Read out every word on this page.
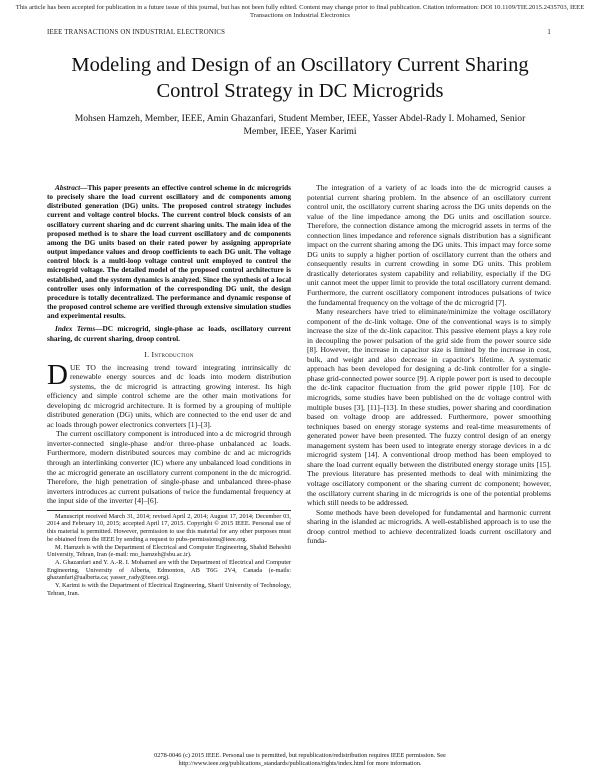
This article has been accepted for publication in a future issue of this journal, but has not been fully edited. Content may change prior to final publication. Citation information: DOI 10.1109/TIE.2015.2435703, IEEE Transactions on Industrial Electronics
IEEE TRANSACTIONS ON INDUSTRIAL ELECTRONICS	1
Modeling and Design of an Oscillatory Current Sharing Control Strategy in DC Microgrids
Mohsen Hamzeh, Member, IEEE, Amin Ghazanfari, Student Member, IEEE, Yasser Abdel-Rady I. Mohamed, Senior Member, IEEE, Yaser Karimi

Abstract—This paper presents an effective control scheme in dc microgrids to precisely share the load current oscillatory and dc components among distributed generation (DG) units. The proposed control strategy includes current and voltage control blocks. The current control block consists of an oscillatory current sharing and dc current sharing units. The main idea of the proposed method is to share the load current oscillatory and dc components among the DG units based on their rated power by assigning appropriate output impedance values and droop coefficients to each DG unit. The voltage control block is a multi-loop voltage control unit employed to control the microgrid voltage. The detailed model of the proposed control architecture is established, and the system dynamics is analyzed. Since the synthesis of a local controller uses only information of the corresponding DG unit, the design procedure is totally decentralized. The performance and dynamic response of the proposed control scheme are verified through extensive simulation studies and experimental results.

Index Terms—DC microgrid, single-phase ac loads, oscillatory current sharing, dc current sharing, droop control.

I. Introduction

DUE TO the increasing trend toward integrating intrinsically dc renewable energy sources and dc loads into modern distribution systems, the dc microgrid is attracting growing interest. Its high efficiency and simple control scheme are the other main motivations for developing dc microgrid architecture. It is formed by a grouping of multiple distributed generation (DG) units, which are connected to the end user dc and ac loads through power electronics converters [1]–[3].

The current oscillatory component is introduced into a dc microgrid through inverter-connected single-phase and/or three-phase unbalanced ac loads. Furthermore, modern distributed sources may combine dc and ac microgrids through an interlinking converter (IC) where any unbalanced load conditions in the ac microgrid generate an oscillatory current component in the dc microgrid. Therefore, the high penetration of single-phase and unbalanced three-phase inverters introduces ac current pulsations of twice the fundamental frequency at the input side of the inverter [4]–[6].

Manuscript received March 31, 2014; revised April 2, 2014; August 17, 2014; December 03, 2014 and February 10, 2015; accepted April 17, 2015. Copyright © 2015 IEEE. Personal use of this material is permitted. However, permission to use this material for any other purposes must be obtained from the IEEE by sending a request to pubs-permissions@ieee.org.

M. Hamzeh is with the Department of Electrical and Computer Engineering, Shahid Beheshti University, Tehran, Iran (e-mail: mo_hamzeh@sbu.ac.ir).

A. Ghazanfari and Y. A.-R. I. Mohamed are with the Department of Electrical and Computer Engineering, University of Alberta, Edmonton, AB T6G 2V4, Canada (e-mails: ghazanfari@ualberta.ca; yasser_rady@ieee.org).

Y. Karimi is with the Department of Electrical Engineering, Sharif University of Technology, Tehran, Iran.

The integration of a variety of ac loads into the dc microgrid causes a potential current sharing problem. In the absence of an oscillatory current control unit, the oscillatory current sharing across the DG units depends on the value of the line impedance among the DG units and oscillation source. Therefore, the connection distance among the microgrid assets in terms of the connection lines impedance and reference signals distribution has a significant impact on the current sharing among the DG units. This impact may force some DG units to supply a higher portion of oscillatory current than the others and consequently results in current crowding in some DG units. This problem drastically deteriorates system capability and reliability, especially if the DG unit cannot meet the upper limit to provide the total oscillatory current demand. Furthermore, the current oscillatory component introduces pulsations of twice the fundamental frequency on the voltage of the dc microgrid [7].

Many researchers have tried to eliminate/minimize the voltage oscillatory component of the dc-link voltage. One of the conventional ways is to simply increase the size of the dc-link capacitor. This passive element plays a key role in decoupling the power pulsation of the grid side from the power source side [8]. However, the increase in capacitor size is limited by the increase in cost, bulk, and weight and also decrease in capacitor's lifetime. A systematic approach has been developed for designing a dc-link controller for a single-phase grid-connected power source [9]. A ripple power port is used to decouple the dc-link capacitor fluctuation from the grid power ripple [10]. For dc microgrids, some studies have been published on the dc voltage control with multiple buses [3], [11]–[13]. In these studies, power sharing and coordination based on voltage droop are addressed. Furthermore, power smoothing techniques based on energy storage systems and real-time measurements of generated power have been presented. The fuzzy control design of an energy management system has been used to integrate energy storage devices in a dc microgrid system [14]. A conventional droop method has been employed to share the load current equally between the distributed energy storage units [15]. The previous literature has presented methods to deal with minimizing the voltage oscillatory component or the sharing current dc component; however, the oscillatory current sharing in dc microgrids is one of the potential problems which still needs to be addressed.

Some methods have been developed for fundamental and harmonic current sharing in the islanded ac microgrids. A well-established approach is to use the droop control method to achieve decentralized loads current oscillatory and funda-

0278-0046 (c) 2015 IEEE. Personal use is permitted, but republication/redistribution requires IEEE permission. See
http://www.ieee.org/publications_standards/publications/rights/index.html for more information.
